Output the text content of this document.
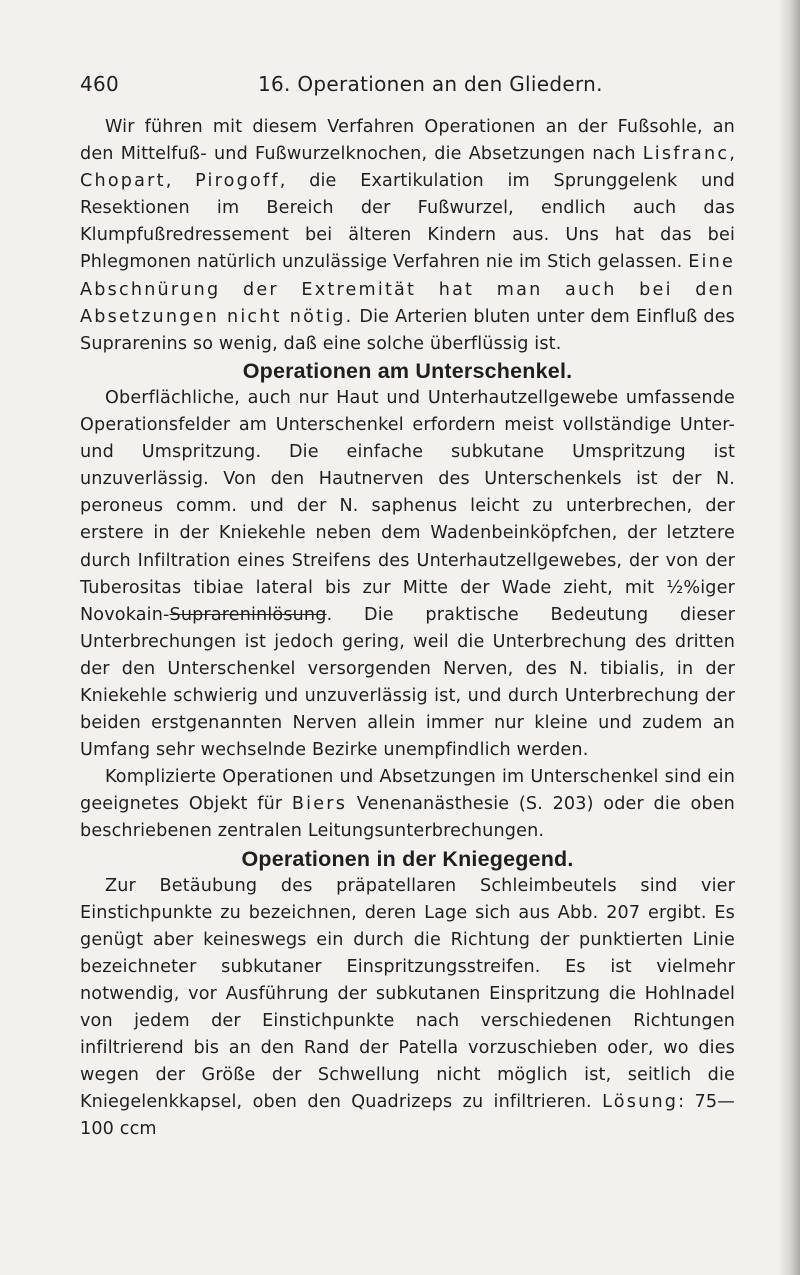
460	16. Operationen an den Gliedern.

Wir führen mit diesem Verfahren Operationen an der Fußsohle, an den Mittelfuß- und Fußwurzelknochen, die Absetzungen nach Lisfranc, Chopart, Pirogoff, die Exartikulation im Sprunggelenk und Resektionen im Bereich der Fußwurzel, endlich auch das Klumpfußredressement bei älteren Kindern aus. Uns hat das bei Phlegmonen natürlich unzulässige Verfahren nie im Stich gelassen. Eine Abschnürung der Extremität hat man auch bei den Absetzungen nicht nötig. Die Arterien bluten unter dem Einfluß des Suprarenins so wenig, daß eine solche überflüssig ist.

Operationen am Unterschenkel.

Oberflächliche, auch nur Haut und Unterhautzellgewebe umfassende Operationsfelder am Unterschenkel erfordern meist vollständige Unter- und Umspritzung. Die einfache subkutane Umspritzung ist unzuverlässig. Von den Hautnerven des Unterschenkels ist der N. peroneus comm. und der N. saphenus leicht zu unterbrechen, der erstere in der Kniekehle neben dem Wadenbeinköpfchen, der letztere durch Infiltration eines Streifens des Unterhautzellgewebes, der von der Tuberositas tibiae lateral bis zur Mitte der Wade zieht, mit ½%iger Novokain-Suprareninlösung. Die praktische Bedeutung dieser Unterbrechungen ist jedoch gering, weil die Unterbrechung des dritten der den Unterschenkel versorgenden Nerven, des N. tibialis, in der Kniekehle schwierig und unzuverlässig ist, und durch Unterbrechung der beiden erstgenannten Nerven allein immer nur kleine und zudem an Umfang sehr wechselnde Bezirke unempfindlich werden.

Komplizierte Operationen und Absetzungen im Unterschenkel sind ein geeignetes Objekt für Biers Venenanästhesie (S. 203) oder die oben beschriebenen zentralen Leitungsunterbrechungen.

Operationen in der Kniegegend.

Zur Betäubung des präpatellaren Schleimbeutels sind vier Einstichpunkte zu bezeichnen, deren Lage sich aus Abb. 207 ergibt. Es genügt aber keineswegs ein durch die Richtung der punktierten Linie bezeichneter subkutaner Einspritzungsstreifen. Es ist vielmehr notwendig, vor Ausführung der subkutanen Einspritzung die Hohlnadel von jedem der Einstichpunkte nach verschiedenen Richtungen infiltrierend bis an den Rand der Patella vorzuschieben oder, wo dies wegen der Größe der Schwellung nicht möglich ist, seitlich die Kniegelenkkapsel, oben den Quadrizeps zu infiltrieren. Lösung: 75—100 ccm
